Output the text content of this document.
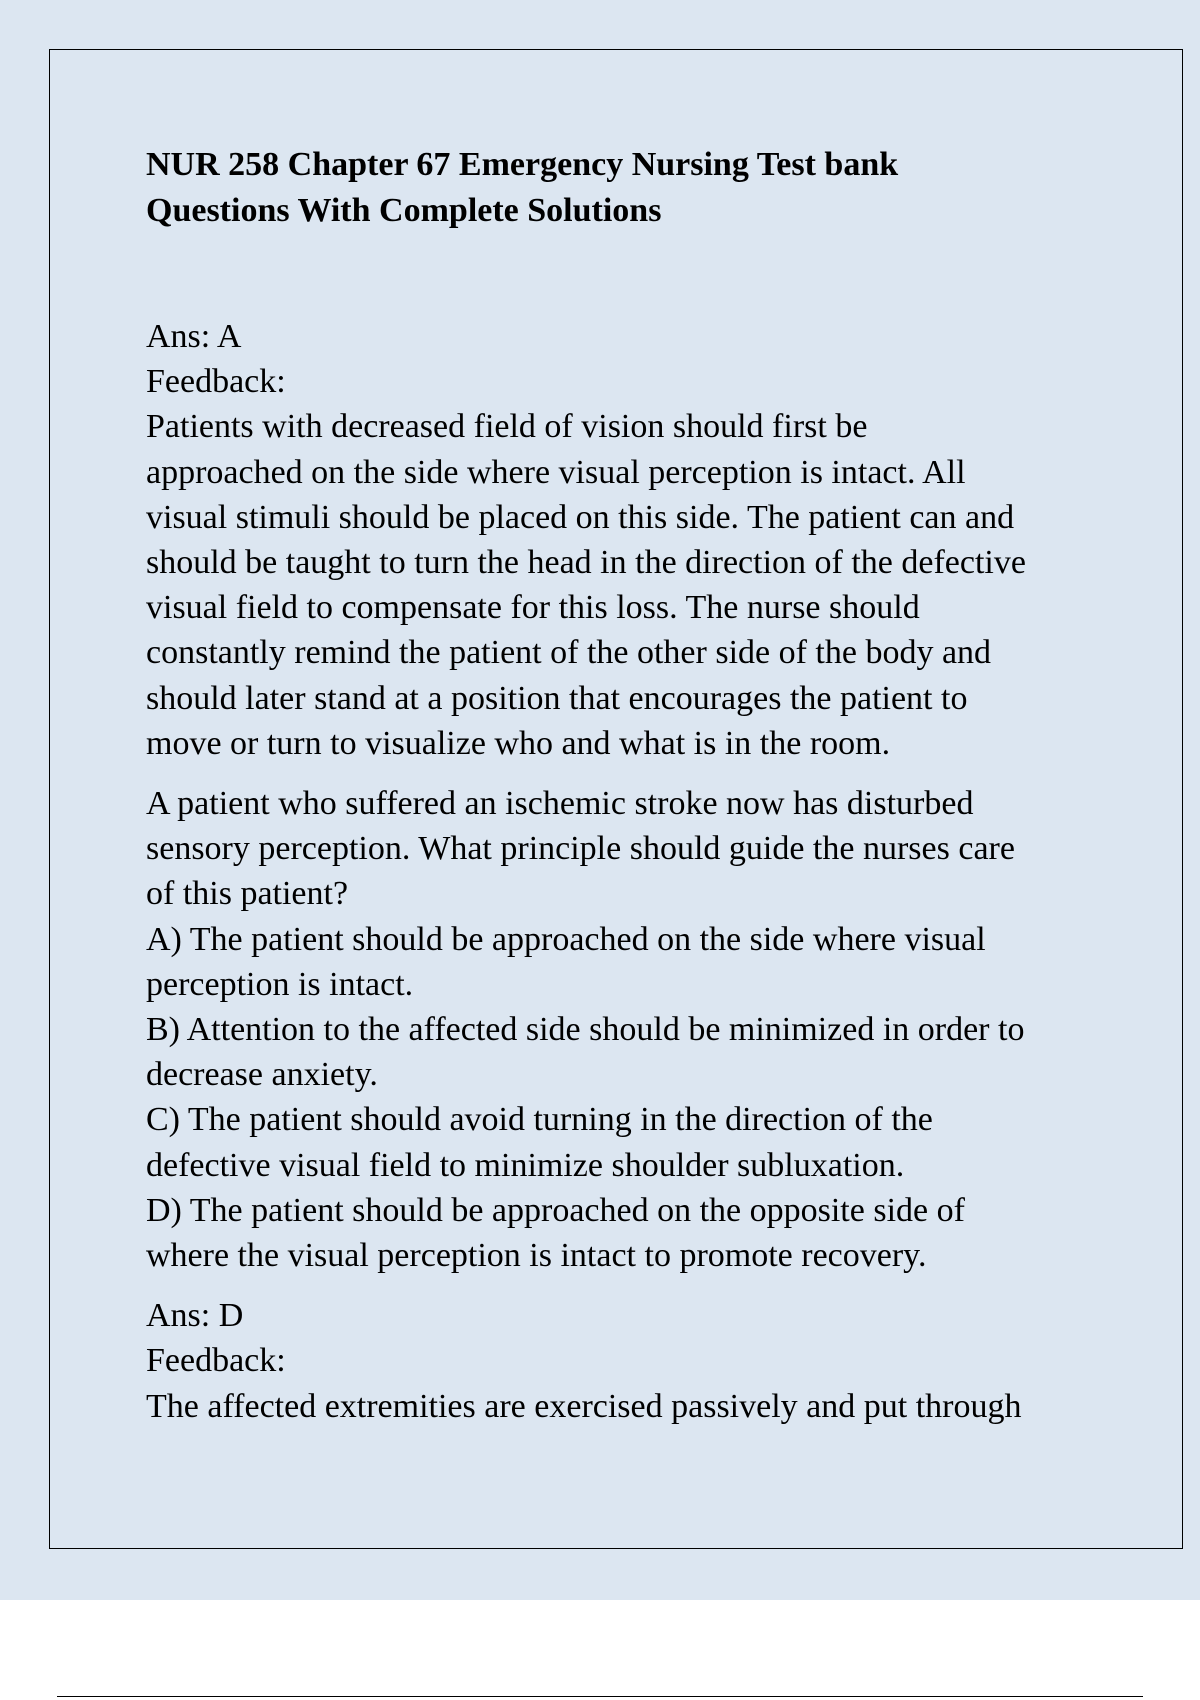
NUR 258 Chapter 67 Emergency Nursing Test bank
Questions With Complete Solutions
Ans: A
Feedback:
Patients with decreased field of vision should first be
approached on the side where visual perception is intact. All
visual stimuli should be placed on this side. The patient can and
should be taught to turn the head in the direction of the defective
visual field to compensate for this loss. The nurse should
constantly remind the patient of the other side of the body and
should later stand at a position that encourages the patient to
move or turn to visualize who and what is in the room.
A patient who suffered an ischemic stroke now has disturbed
sensory perception. What principle should guide the nurses care
of this patient?
A) The patient should be approached on the side where visual
perception is intact.
B) Attention to the affected side should be minimized in order to
decrease anxiety.
C) The patient should avoid turning in the direction of the
defective visual field to minimize shoulder subluxation.
D) The patient should be approached on the opposite side of
where the visual perception is intact to promote recovery.
Ans: D
Feedback:
The affected extremities are exercised passively and put through
